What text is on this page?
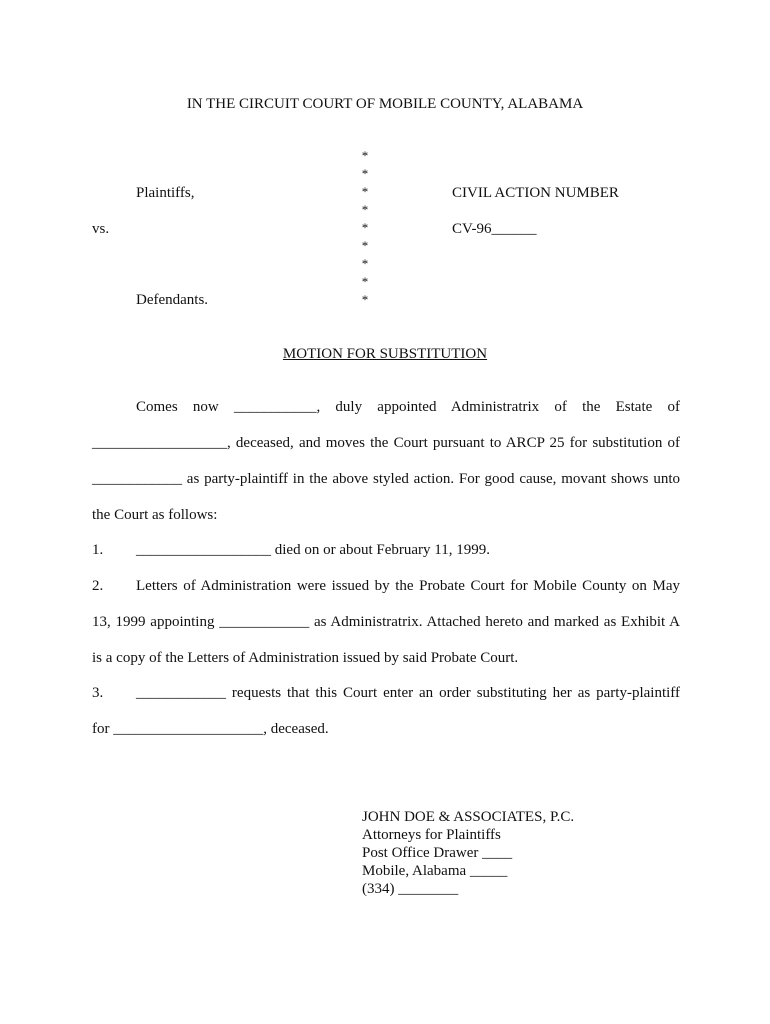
IN THE CIRCUIT COURT OF MOBILE COUNTY, ALABAMA
Plaintiffs,
vs.
Defendants.
CIVIL ACTION NUMBER
CV-96______
*
*
*
*
*
*
*
*
*
MOTION FOR SUBSTITUTION
Comes now ___________, duly appointed Administratrix of the Estate of
__________________, deceased, and moves the Court pursuant to ARCP 25 for substitution of
____________ as party-plaintiff in the above styled action. For good cause, movant shows unto
the Court as follows:
1. __________________ died on or about February 11, 1999.
2. Letters of Administration were issued by the Probate Court for Mobile County on May
13, 1999 appointing ____________ as Administratrix. Attached hereto and marked as Exhibit A
is a copy of the Letters of Administration issued by said Probate Court.
3. ____________ requests that this Court enter an order substituting her as party-plaintiff
for ____________________, deceased.
JOHN DOE & ASSOCIATES, P.C.
Attorneys for Plaintiffs
Post Office Drawer ____
Mobile, Alabama _____
(334) ________
